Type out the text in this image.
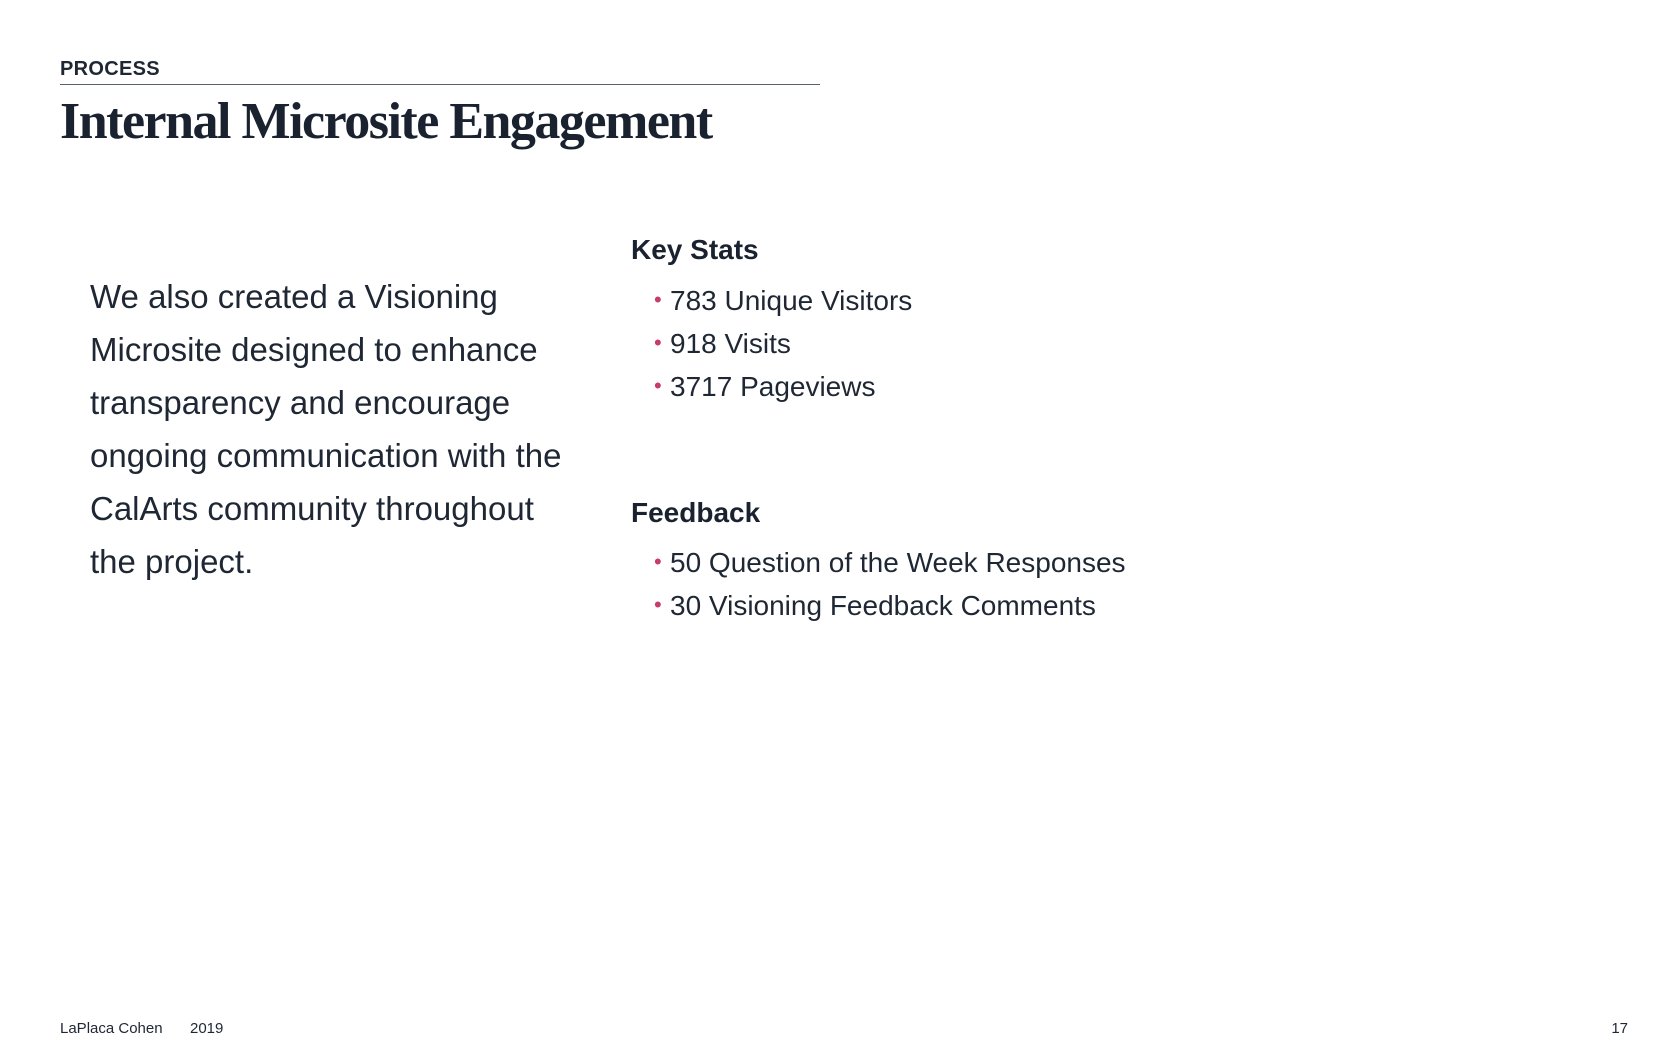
PROCESS
Internal Microsite Engagement

We also created a Visioning Microsite designed to enhance transparency and encourage ongoing communication with the CalArts community throughout the project.

Key Stats
• 783 Unique Visitors
• 918 Visits
• 3717 Pageviews
Feedback
• 50 Question of the Week Responses
• 30 Visioning Feedback Comments
LaPlaca Cohen 2019	17
